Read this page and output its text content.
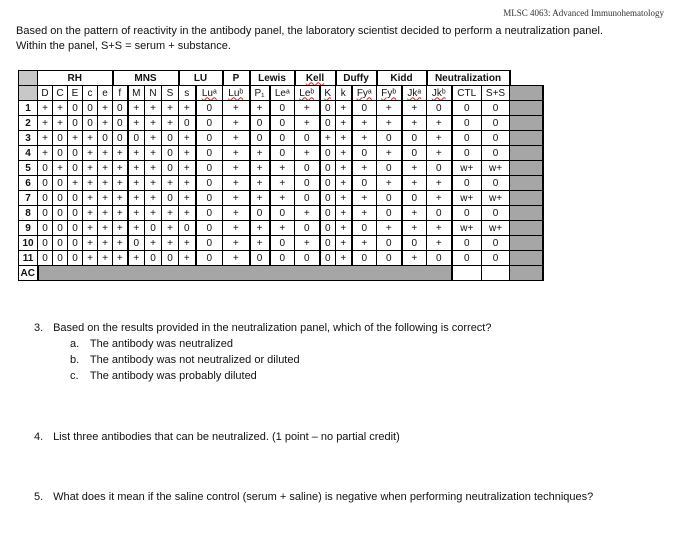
MLSC 4063: Advanced Immunohematology
Based on the pattern of reactivity in the antibody panel, the laboratory scientist decided to perform a neutralization panel.
Within the panel, S+S = serum + substance.
	RH					MNS				LU		P	Lewis		Kell		Duffy		Kidd		Neutralization			
	D	C	E	c	e	f	M	N	S	s	Luᵃ	Luᵇ	P₁	Leᵃ	Leᵇ	K	k	Fyᵃ	Fyᵇ	Jkᵃ	Jkᵇ	CTL	S+S	
1	+	+	0	0	+	0	+	+	+	+	0	+	+	0	+	0	+	0	+	+	0	0	0	
2	+	+	0	0	+	0	+	+	+	0	0	+	0	0	+	0	+	+	+	+	+	0	0	
3	+	0	+	+	0	0	0	+	0	+	0	+	0	0	0	+	+	+	0	0	+	0	0	
4	+	0	0	+	+	+	+	+	0	+	0	+	+	0	+	0	+	0	+	0	+	0	0	
5	0	+	0	+	+	+	+	+	0	+	0	+	+	+	0	0	+	+	0	+	0	w+	w+	
6	0	0	+	+	+	+	+	+	+	+	0	+	+	+	0	0	+	0	+	+	+	0	0	
7	0	0	0	+	+	+	+	+	0	+	0	+	+	+	0	0	+	+	0	0	+	w+	w+	
8	0	0	0	+	+	+	+	+	+	+	0	+	0	0	+	0	+	+	0	+	0	0	0	
9	0	0	0	+	+	+	+	0	+	0	0	+	+	+	0	0	+	0	+	+	+	w+	w+	
10	0	0	0	+	+	+	0	+	+	+	0	+	+	0	+	0	+	+	0	0	+	0	0	
11	0	0	0	+	+	+	+	0	0	+	0	+	0	0	0	0	+	0	0	+	0	0	0	
AC																								
3. Based on the results provided in the neutralization panel, which of the following is correct?
a. The antibody was neutralized
b. The antibody was not neutralized or diluted
c. The antibody was probably diluted
4. List three antibodies that can be neutralized. (1 point – no partial credit)
5. What does it mean if the saline control (serum + saline) is negative when performing neutralization techniques?
